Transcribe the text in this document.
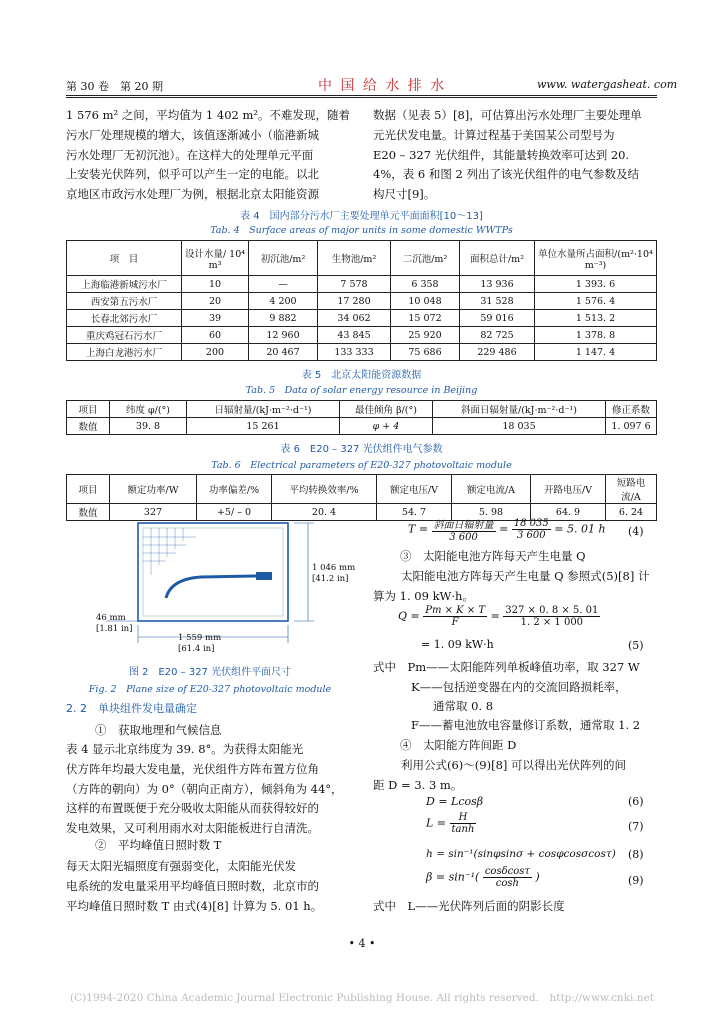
第 30 卷　第 20 期	中 国 给 水 排 水	www. watergasheat. com
1 576 m² 之间，平均值为 1 402 m²。不难发现，随着
污水厂处理规模的增大，该值逐渐减小（临港新城
污水处理厂无初沉池）。在这样大的处理单元平面
上安装光伏阵列，似乎可以产生一定的电能。以北
京地区市政污水处理厂为例，根据北京太阳能资源
数据（见表 5）[8]，可估算出污水处理厂主要处理单
元光伏发电量。计算过程基于美国某公司型号为
E20 – 327 光伏组件，其能量转换效率可达到 20.
4%，表 6 和图 2 列出了该光伏组件的电气参数及结
构尺寸[9]。
表 4　国内部分污水厂主要处理单元平面面积[10～13]
Tab. 4　Surface areas of major units in some domestic WWTPs
项　目	设计水量/ 10⁴ m³	初沉池/m²	生物池/m²	二沉池/m²	面积总计/m²	单位水量所占面积/(m²·10⁴ m⁻³)
上海临港新城污水厂	10	—	7 578	6 358	13 936	1 393. 6
西安第五污水厂	20	4 200	17 280	10 048	31 528	1 576. 4
长春北郊污水厂	39	9 882	34 062	15 072	59 016	1 513. 2
重庆鸡冠石污水厂	60	12 960	43 845	25 920	82 725	1 378. 8
上海白龙港污水厂	200	20 467	133 333	75 686	229 486	1 147. 4
表 5　北京太阳能资源数据
Tab. 5　Data of solar energy resource in Beijing
项目	纬度 φ/(°)	日辐射量/(kJ·m⁻²·d⁻¹)	最佳倾角 β/(°)	斜面日辐射量/(kJ·m⁻²·d⁻¹)	修正系数
数值	39. 8	15 261	φ + 4	18 035	1. 097 6
表 6　E20 – 327 光伏组件电气参数
Tab. 6　Electrical parameters of E20-327 photovoltaic module
项目	额定功率/W	功率偏差/%	平均转换效率/%	额定电压/V	额定电流/A	开路电压/V	短路电流/A
数值	327	+5/ – 0	20. 4	54. 7	5. 98	64. 9	6. 24
1 046 mm
[41.2 in]
1 559 mm
[61.4 in]
46 mm
[1.81 in]
图 2　E20 – 327 光伏组件平面尺寸
Fig. 2　Plane size of E20-327 photovoltaic module
2. 2　单块组件发电量确定
①　获取地理和气候信息
表 4 显示北京纬度为 39. 8°。为获得太阳能光
伏方阵年均最大发电量，光伏组件方阵布置方位角
（方阵的朝向）为 0°（朝向正南方），倾斜角为 44°，
这样的布置既便于充分吸收太阳能从而获得较好的
发电效果，又可利用雨水对太阳能板进行自清洗。
②　平均峰值日照时数 T
每天太阳光辐照度有强弱变化，太阳能光伏发
电系统的发电量采用平均峰值日照时数，北京市的
平均峰值日照时数 T 由式(4)[8] 计算为 5. 01 h。
$T = \frac{\text{斜面日辐射量}}{3 600} = \frac{18 035}{3 600} = 5$. 01 h (4)
③　太阳能电池方阵每天产生电量 Q
太阳能电池方阵每天产生电量 Q 参照式(5)[8] 计
算为 1. 09 kW·h。
$Q = \frac{Pm \times K \times T}{F} = \frac{327 \times 0. 8 \times 5. 01}{1. 2 \times 1 000}$
= 1. 09 kW·h	(5)
式中　Pm——太阳能阵列单板峰值功率，取 327 W
K——包括逆变器在内的交流回路损耗率，
通常取 0. 8
F——蓄电池放电容量修订系数，通常取 1. 2
④　太阳能方阵间距 D
利用公式(6)～(9)[8] 可以得出光伏阵列的间
距 D = 3. 3 m。
D = Lcosβ	(6)
$L = \frac{H}{\tanh}$	(7)
h = sin⁻¹(sinφsinσ + cosφcosσcosτ) (8)
$\beta = \sin^{-1}( \frac{\cos\delta\cos\tau}{\cosh}$ )	(9)
式中　L——光伏阵列后面的阴影长度
• 4 •
(C)1994-2020 China Academic Journal Electronic Publishing House. All rights reserved.　http://www.cnki.net
